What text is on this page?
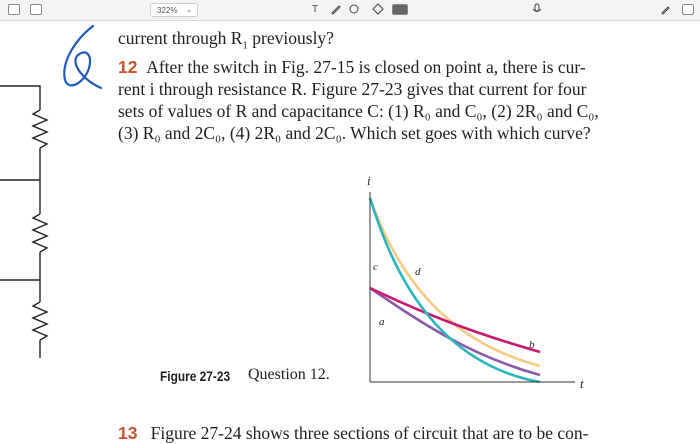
322% ⌄	T
current through $R_1$ previously?
12 After the switch in Fig. 27-15 is closed on point a, there is cur-
rent i through resistance R. Figure 27-23 gives that current for four
sets of values of R and capacitance C: (1) R₀ and C₀, (2) 2R₀ and C₀,
(3) R₀ and 2C₀, (4) 2R₀ and 2C₀. Which set goes with which curve?
i
t
c	d
a
b
Figure 27-23 Question 12.
13 Figure 27-24 shows three sections of circuit that are to be con-
